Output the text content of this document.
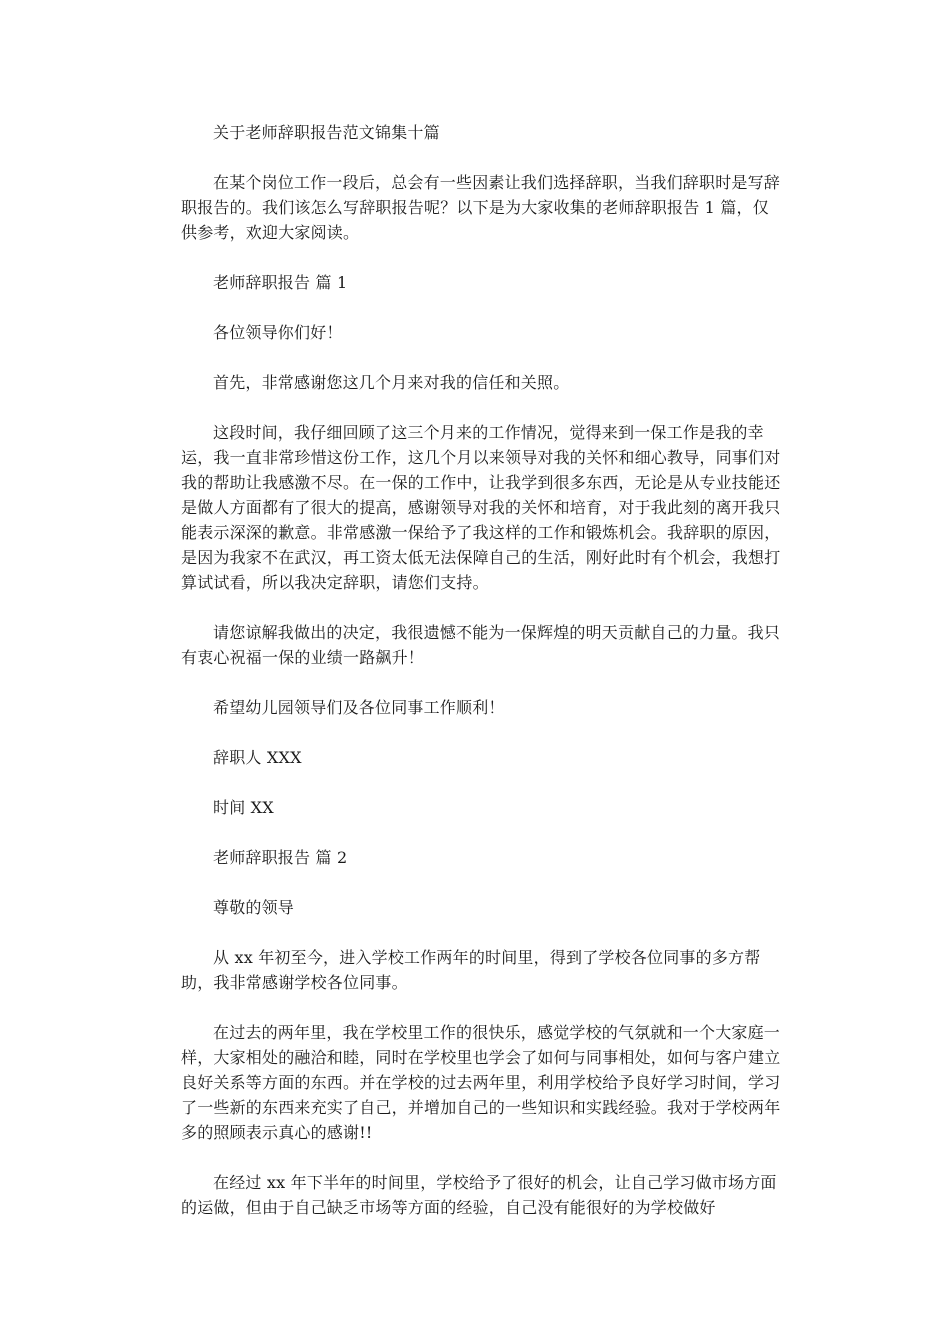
关于老师辞职报告范文锦集十篇

在某个岗位工作一段后，总会有一些因素让我们选择辞职，当我们辞职时是写辞职报告的。我们该怎么写辞职报告呢？以下是为大家收集的老师辞职报告 1 篇，仅供参考，欢迎大家阅读。

老师辞职报告 篇 1

各位领导你们好！

首先，非常感谢您这几个月来对我的信任和关照。

这段时间，我仔细回顾了这三个月来的工作情况，觉得来到一保工作是我的幸运，我一直非常珍惜这份工作，这几个月以来领导对我的关怀和细心教导，同事们对我的帮助让我感激不尽。在一保的工作中，让我学到很多东西，无论是从专业技能还是做人方面都有了很大的提高，感谢领导对我的关怀和培育，对于我此刻的离开我只能表示深深的歉意。非常感激一保给予了我这样的工作和锻炼机会。我辞职的原因，是因为我家不在武汉，再工资太低无法保障自己的生活，刚好此时有个机会，我想打算试试看，所以我决定辞职，请您们支持。

请您谅解我做出的决定，我很遗憾不能为一保辉煌的明天贡献自己的力量。我只有衷心祝福一保的业绩一路飙升！

希望幼儿园领导们及各位同事工作顺利！

辞职人 XXX

时间 XX

老师辞职报告 篇 2

尊敬的领导

从 xx 年初至今，进入学校工作两年的时间里，得到了学校各位同事的多方帮助，我非常感谢学校各位同事。

在过去的两年里，我在学校里工作的很快乐，感觉学校的气氛就和一个大家庭一样，大家相处的融洽和睦，同时在学校里也学会了如何与同事相处，如何与客户建立良好关系等方面的东西。并在学校的过去两年里，利用学校给予良好学习时间，学习了一些新的东西来充实了自己，并增加自己的一些知识和实践经验。我对于学校两年多的照顾表示真心的感谢!!

在经过 xx 年下半年的时间里，学校给予了很好的机会，让自己学习做市场方面的运做，但由于自己缺乏市场等方面的经验，自己没有能很好的为学校做好
